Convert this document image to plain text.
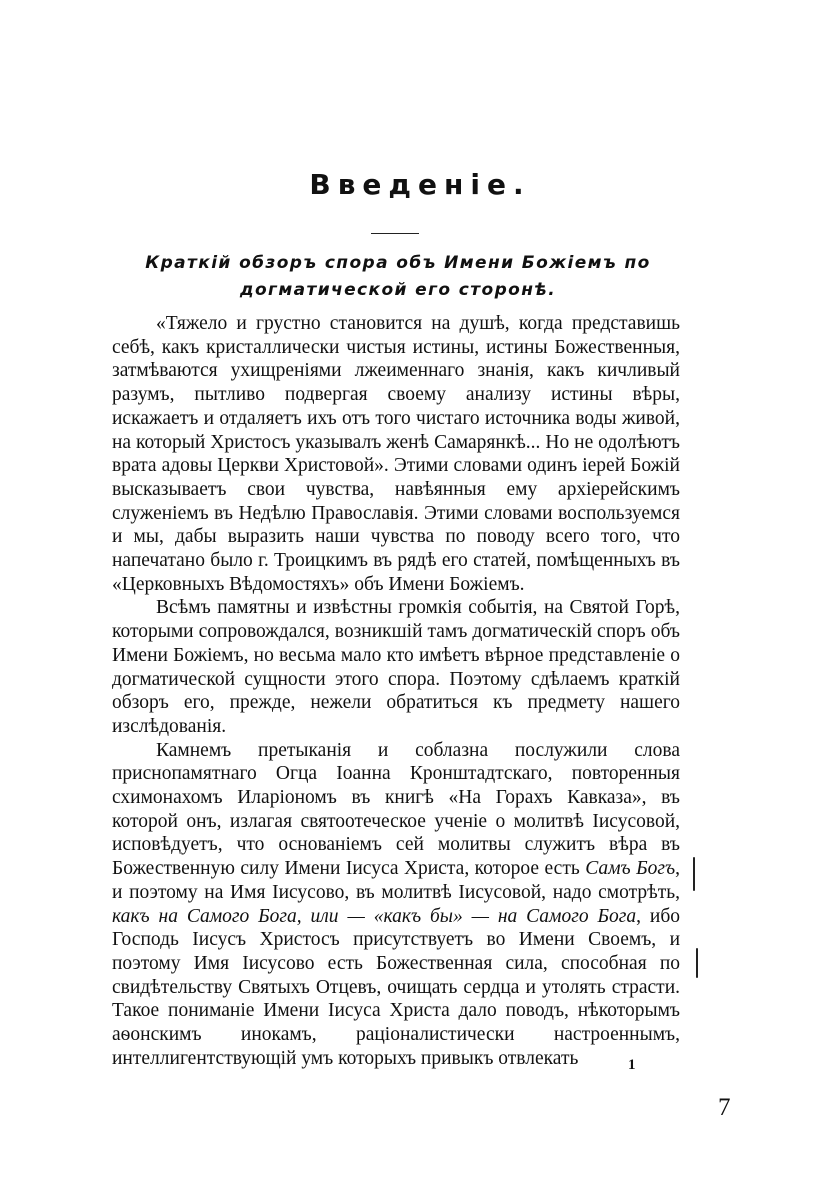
Введенiе.
Краткiй обзоръ спора объ Имени Божiемъ по
догматической его сторонѣ.

«Тяжело и грустно становится на душѣ, когда представишь себѣ, какъ кристаллически чистыя истины, истины Божественныя, затмѣваются ухищренiями лжеименнаго знанiя, какъ кичливый разумъ, пытливо подвергая своему анализу истины вѣры, искажаетъ и отдаляетъ ихъ отъ того чистаго источника воды живой, на который Христосъ указывалъ женѣ Самарянкѣ... Но не одолѣютъ врата адовы Церкви Христовой». Этими словами одинъ iерей Божiй высказываетъ свои чувства, навѣянныя ему архiерейскимъ служенiемъ въ Недѣлю Православiя. Этими словами воспользуемся и мы, дабы выразить наши чувства по поводу всего того, что напечатано было г. Троицкимъ въ рядѣ его статей, помѣщенныхъ въ «Церковныхъ Вѣдомостяхъ» объ Имени Божiемъ.

Всѣмъ памятны и извѣстны громкiя событiя, на Святой Горѣ, которыми сопровождался, возникшiй тамъ догматическiй споръ объ Имени Божiемъ, но весьма мало кто имѣетъ вѣрное представленiе о догматической сущности этого спора. Поэтому сдѣлаемъ краткiй обзоръ его, прежде, нежели обратиться къ предмету нашего изслѣдованiя.

Камнемъ претыканiя и соблазна послужили слова приснопамятнаго Огца Iоанна Кронштадтскаго, повторенныя схимонахомъ Иларiономъ въ книгѣ «На Горахъ Кавказа», въ которой онъ, излагая святоотеческое ученiе о молитвѣ Iисусовой, исповѣдуетъ, что основанiемъ сей молитвы служитъ вѣра въ Божественную силу Имени Iисуса Христа, которое есть Самъ Богъ, и поэтому на Имя Iисусово, въ молитвѣ Iисусовой, надо смотрѣть, какъ на Самого Бога, или — «какъ бы» — на Самого Бога, ибо Господь Iисусъ Христосъ присутствуетъ во Имени Своемъ, и поэтому Имя Iисусово есть Божественная сила, способная по свидѣтельству Святыхъ Отцевъ, очищать сердца и утолять страсти. Такое пониманiе Имени Iисуса Христа дало поводъ, нѣкоторымъ аѳонскимъ инокамъ, рацiоналистически настроеннымъ, интеллигентствующiй умъ которыхъ привыкъ отвлекать	1
7
